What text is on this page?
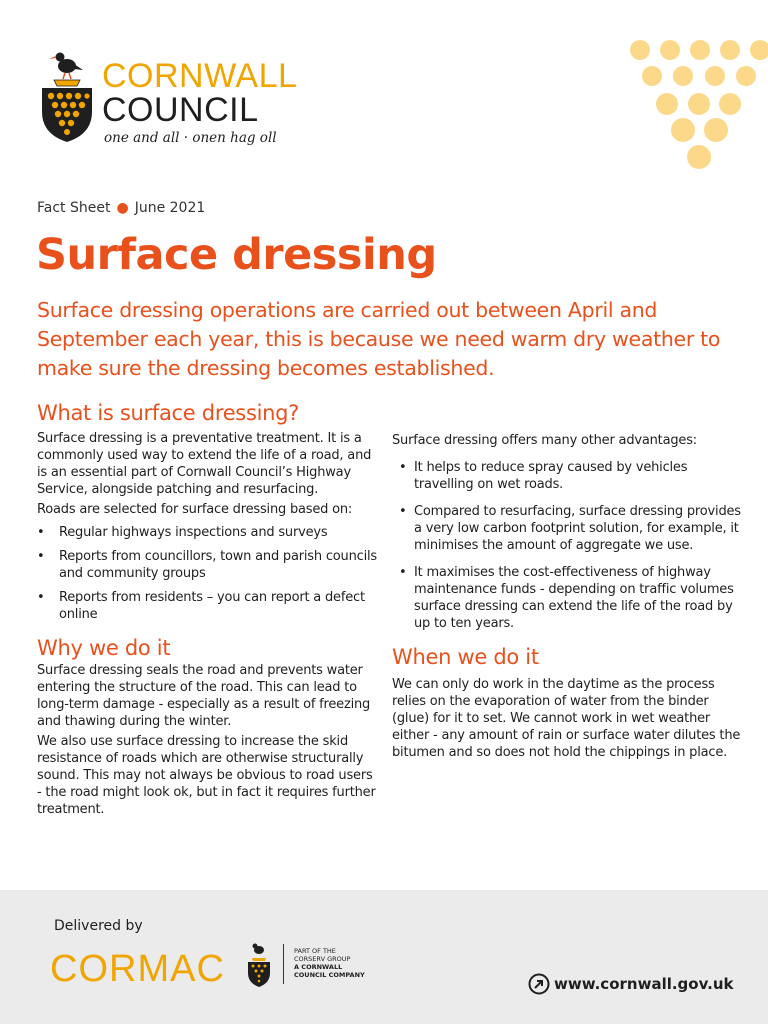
CORNWALL
COUNCIL
one and all · onen hag oll
Fact Sheet ● June 2021
Surface dressing

Surface dressing operations are carried out between April and September each year, this is because we need warm dry weather to make sure the dressing becomes established.

What is surface dressing?

Surface dressing is a preventative treatment. It is a commonly used way to extend the life of a road, and is an essential part of Cornwall Council’s Highway Service, alongside patching and resurfacing.

Roads are selected for surface dressing based on:

• Regular highways inspections and surveys
• Reports from councillors, town and parish councils and community groups
• Reports from residents – you can report a defect online
Why we do it

Surface dressing seals the road and prevents water entering the structure of the road. This can lead to long-term damage - especially as a result of freezing and thawing during the winter.

We also use surface dressing to increase the skid resistance of roads which are otherwise structurally sound. This may not always be obvious to road users - the road might look ok, but in fact it requires further treatment.

Surface dressing offers many other advantages:

• It helps to reduce spray caused by vehicles travelling on wet roads.
• Compared to resurfacing, surface dressing provides a very low carbon footprint solution, for example, it minimises the amount of aggregate we use.
• It maximises the cost-effectiveness of highway maintenance funds - depending on traffic volumes surface dressing can extend the life of the road by up to ten years.
When we do it

We can only do work in the daytime as the process relies on the evaporation of water from the binder (glue) for it to set. We cannot work in wet weather either - any amount of rain or surface water dilutes the bitumen and so does not hold the chippings in place.

Delivered by
CORMAC	PART OF THE
CORSERV GROUP
A CORNWALL
COUNCIL COMPANY	www.cornwall.gov.uk
